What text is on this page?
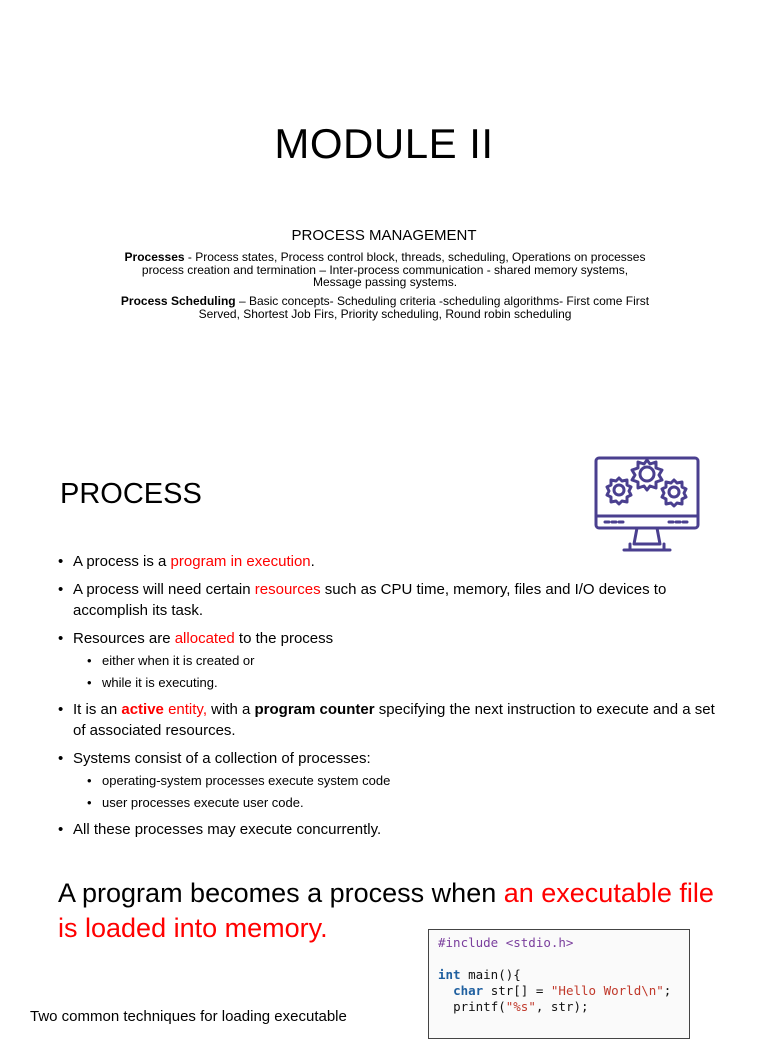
MODULE II
PROCESS MANAGEMENT
Processes - Process states, Process control block, threads, scheduling, Operations on processes
process creation and termination – Inter-process communication - shared memory systems,
Message passing systems.
Process Scheduling – Basic concepts- Scheduling criteria -scheduling algorithms- First come First
Served, Shortest Job Firs, Priority scheduling, Round robin scheduling
PROCESS
• A process is a program in execution.
• A process will need certain resources such as CPU time, memory, files and I/O devices to accomplish its task.
• Resources are allocated to the process
• either when it is created or
• while it is executing.
• It is an active entity, with a program counter specifying the next instruction to execute and a set of associated resources.
• Systems consist of a collection of processes:
• operating-system processes execute system code
• user processes execute user code.
• All these processes may execute concurrently.
A program becomes a process when an executable file is loaded into memory.	#include <stdio.h>

int main(){
char str[] = "Hello World\n";
printf("%s", str);
Two common techniques for loading executable
